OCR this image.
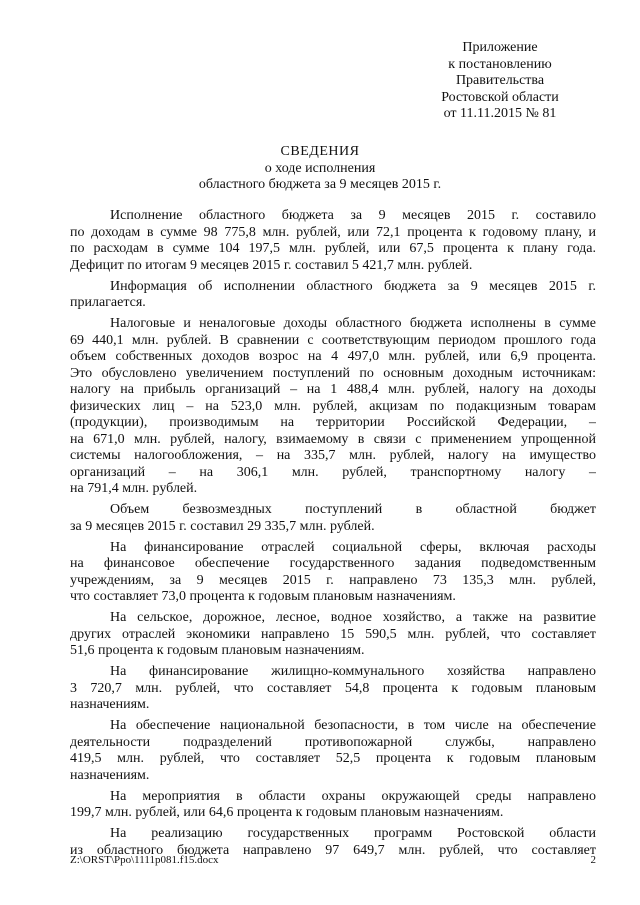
Приложение
к постановлению
Правительства
Ростовской области
от 11.11.2015 № 81
СВЕДЕНИЯ
о ходе исполнения
областного бюджета за 9 месяцев 2015 г.
Исполнение областного бюджета за 9 месяцев 2015 г. составило
по доходам в сумме 98 775,8 млн. рублей, или 72,1 процента к годовому плану, и
по расходам в сумме 104 197,5 млн. рублей, или 67,5 процента к плану года.
Дефицит по итогам 9 месяцев 2015 г. составил 5 421,7 млн. рублей.
Информация об исполнении областного бюджета за 9 месяцев 2015 г.
прилагается.
Налоговые и неналоговые доходы областного бюджета исполнены в сумме
69 440,1 млн. рублей. В сравнении с соответствующим периодом прошлого года
объем собственных доходов возрос на 4 497,0 млн. рублей, или 6,9 процента.
Это обусловлено увеличением поступлений по основным доходным источникам:
налогу на прибыль организаций – на 1 488,4 млн. рублей, налогу на доходы
физических лиц – на 523,0 млн. рублей, акцизам по подакцизным товарам
(продукции), производимым на территории Российской Федерации, –
на 671,0 млн. рублей, налогу, взимаемому в связи с применением упрощенной
системы налогообложения, – на 335,7 млн. рублей, налогу на имущество
организаций – на 306,1 млн. рублей, транспортному налогу –
на 791,4 млн. рублей.
Объем безвозмездных поступлений в областной бюджет
за 9 месяцев 2015 г. составил 29 335,7 млн. рублей.
На финансирование отраслей социальной сферы, включая расходы
на финансовое обеспечение государственного задания подведомственным
учреждениям, за 9 месяцев 2015 г. направлено 73 135,3 млн. рублей,
что составляет 73,0 процента к годовым плановым назначениям.
На сельское, дорожное, лесное, водное хозяйство, а также на развитие
других отраслей экономики направлено 15 590,5 млн. рублей, что составляет
51,6 процента к годовым плановым назначениям.
На финансирование жилищно-коммунального хозяйства направлено
3 720,7 млн. рублей, что составляет 54,8 процента к годовым плановым
назначениям.
На обеспечение национальной безопасности, в том числе на обеспечение
деятельности подразделений противопожарной службы, направлено
419,5 млн. рублей, что составляет 52,5 процента к годовым плановым
назначениям.
На мероприятия в области охраны окружающей среды направлено
199,7 млн. рублей, или 64,6 процента к годовым плановым назначениям.
На реализацию государственных программ Ростовской области
из областного бюджета направлено 97 649,7 млн. рублей, что составляет
Z:\ORST\Ppo\1111p081.f15.docx	2
